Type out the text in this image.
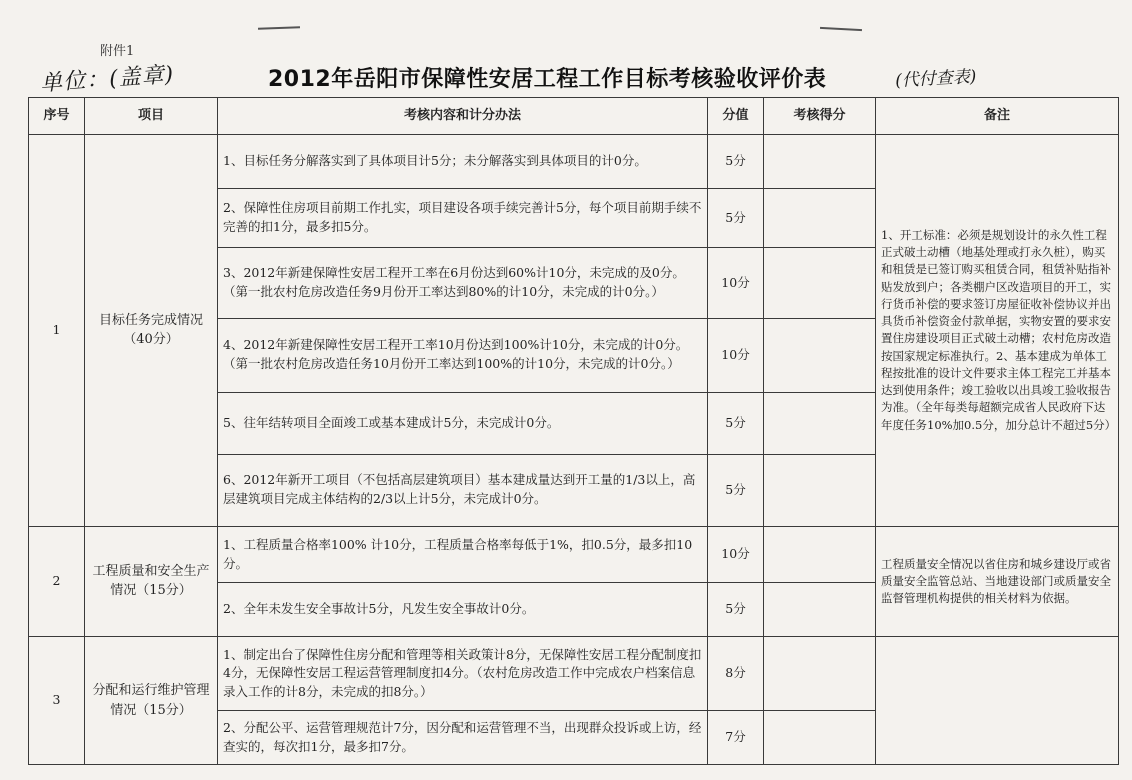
附件1
单位：(盖章)	2012年岳阳市保障性安居工程工作目标考核验收评价表	(代付查表)
序号	项目	考核内容和计分办法	分值	考核得分	备注
1	目标任务完成情况（40分）	1、目标任务分解落实到了具体项目计5分；未分解落实到具体项目的计0分。	5分		1、开工标准：必须是规划设计的永久性工程正式破土动槽（地基处理或打永久桩），购买和租赁是已签订购买租赁合同，租赁补贴指补贴发放到户；各类棚户区改造项目的开工，实行货币补偿的要求签订房屋征收补偿协议并出具货币补偿资金付款单据，实物安置的要求安置住房建设项目正式破土动槽；农村危房改造按国家规定标准执行。2、基本建成为单体工程按批准的设计文件要求主体工程完工并基本达到使用条件；竣工验收以出具竣工验收报告为准。（全年每类每超额完成省人民政府下达年度任务10%加0.5分，加分总计不超过5分）
		2、保障性住房项目前期工作扎实，项目建设各项手续完善计5分，每个项目前期手续不完善的扣1分，最多扣5分。	5分		
		3、2012年新建保障性安居工程开工率在6月份达到60%计10分，未完成的及0分。（第一批农村危房改造任务9月份开工率达到80%的计10分，未完成的计0分。）	10分		
		4、2012年新建保障性安居工程开工率10月份达到100%计10分，未完成的计0分。（第一批农村危房改造任务10月份开工率达到100%的计10分，未完成的计0分。）	10分		
		5、往年结转项目全面竣工或基本建成计5分，未完成计0分。	5分		
		6、2012年新开工项目（不包括高层建筑项目）基本建成量达到开工量的1/3以上，高层建筑项目完成主体结构的2/3以上计5分，未完成计0分。	5分		
2	工程质量和安全生产情况（15分）	1、工程质量合格率100% 计10分，工程质量合格率每低于1%，扣0.5分，最多扣10分。	10分		工程质量安全情况以省住房和城乡建设厅或省质量安全监管总站、当地建设部门或质量安全监督管理机构提供的相关材料为依据。
		2、全年未发生安全事故计5分，凡发生安全事故计0分。	5分		
3	分配和运行维护管理情况（15分）	1、制定出台了保障性住房分配和管理等相关政策计8分，无保障性安居工程分配制度扣4分，无保障性安居工程运营管理制度扣4分。（农村危房改造工作中完成农户档案信息录入工作的计8分，未完成的扣8分。）	8分		
		2、分配公平、运营管理规范计7分，因分配和运营管理不当，出现群众投诉或上访，经查实的，每次扣1分，最多扣7分。	7分		
